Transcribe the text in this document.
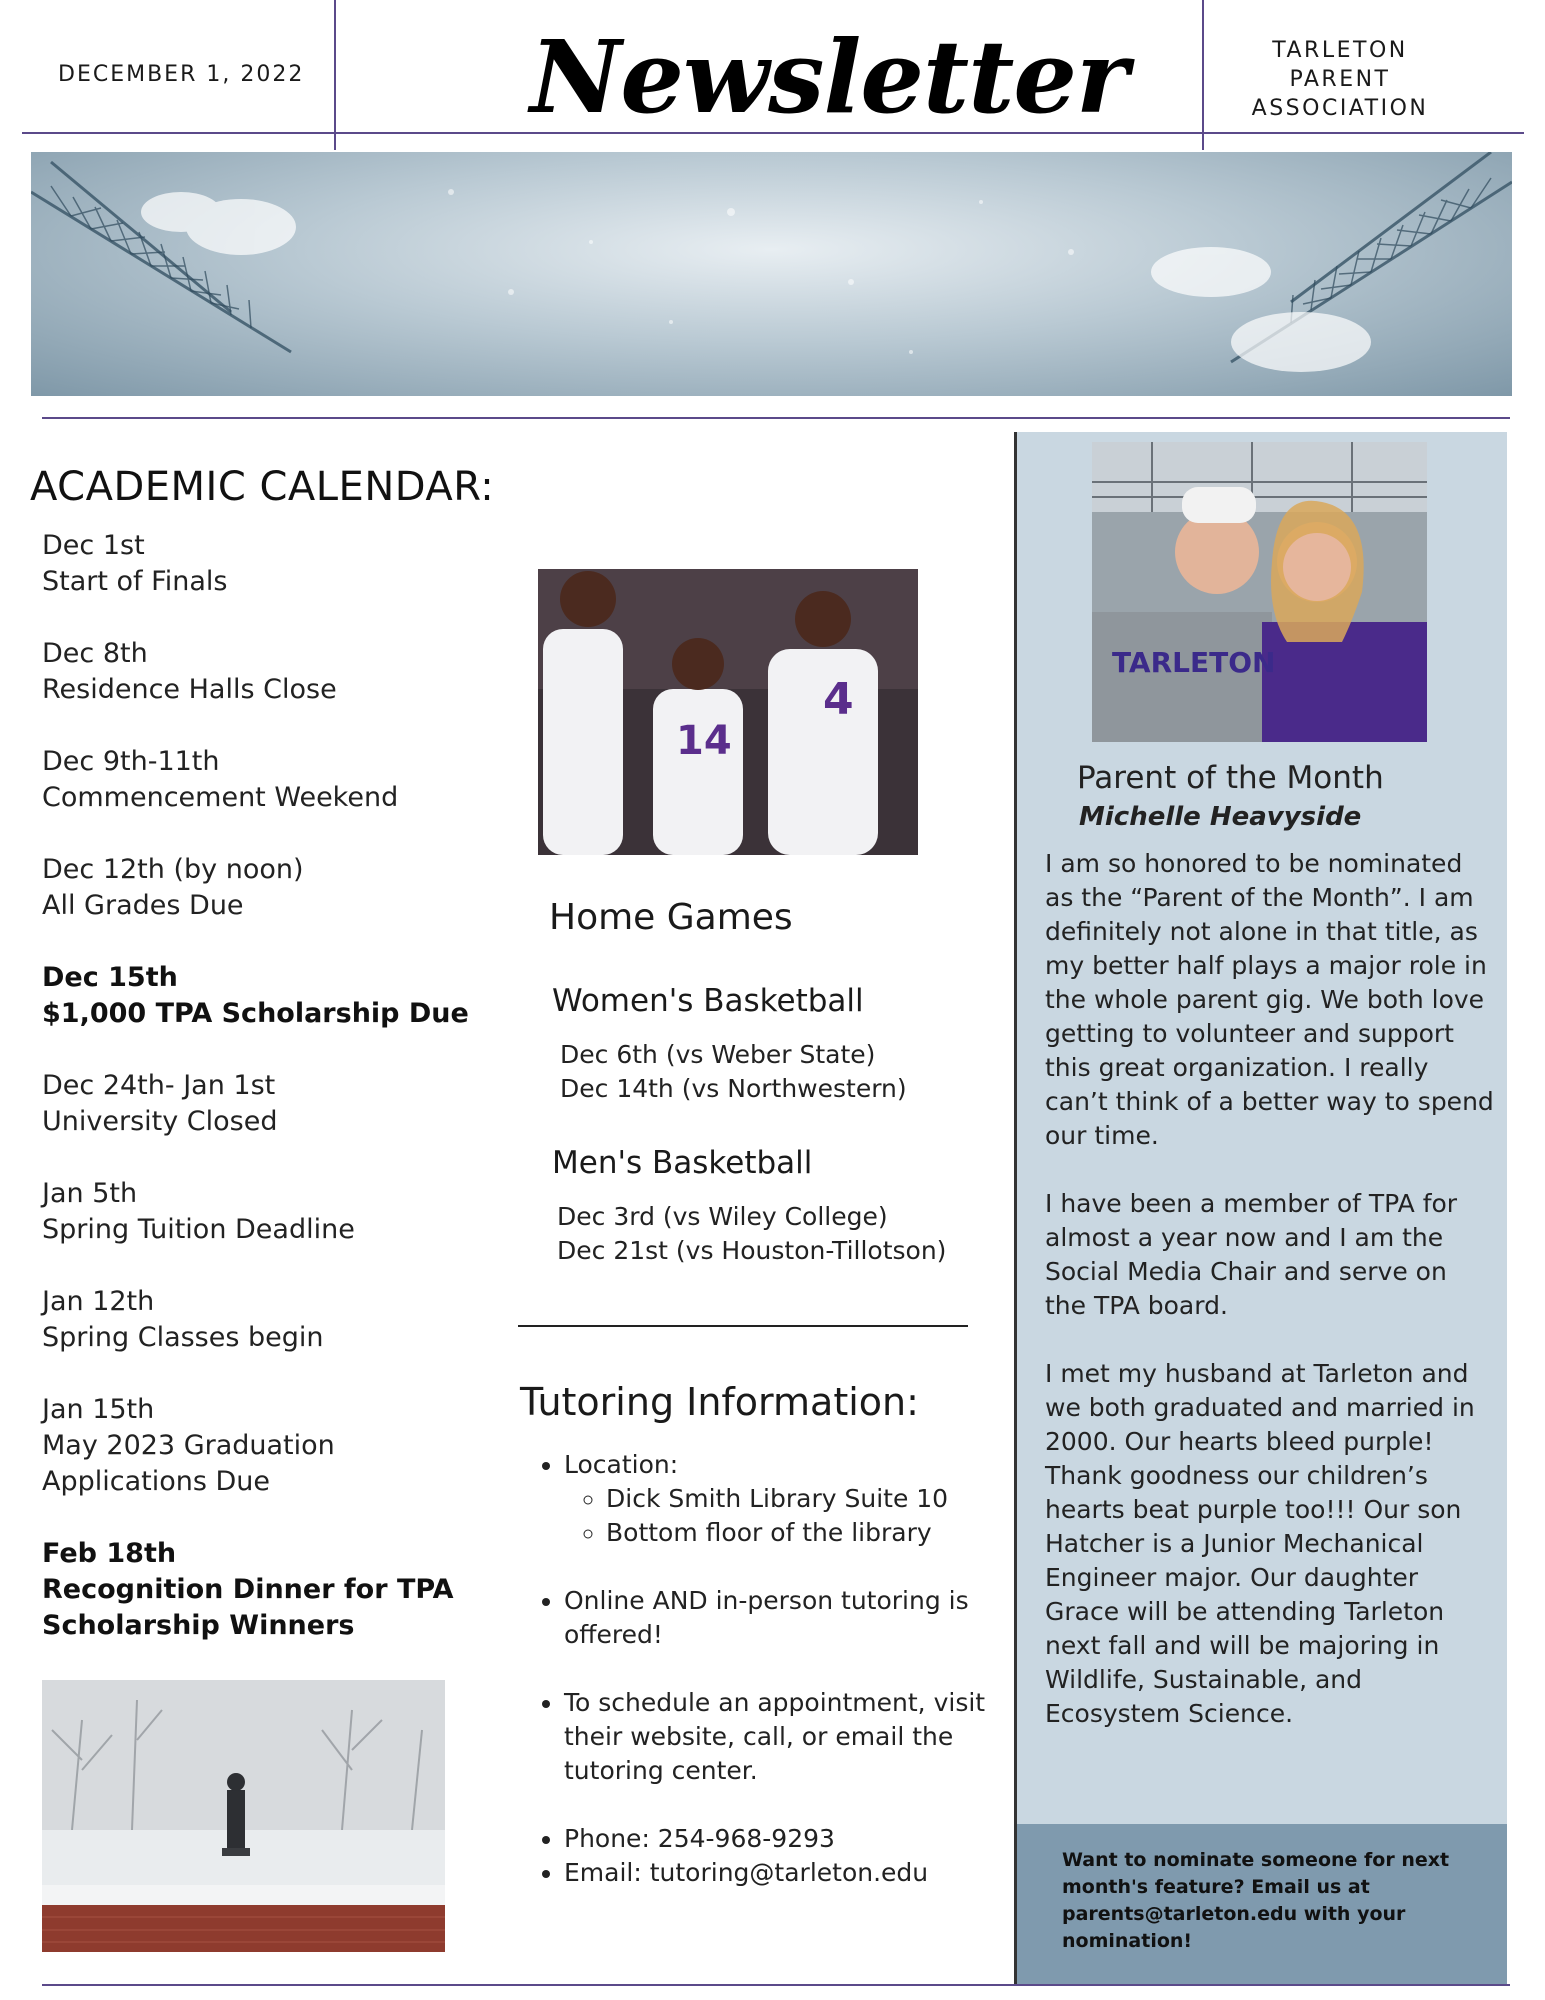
DECEMBER 1, 2022 Newsletter	TARLETON
PARENT
ASSOCIATION
ACADEMIC CALENDAR:
Dec 1st
Start of Finals
Dec 8th
Residence Halls Close
Dec 9th-11th
Commencement Weekend
Dec 12th (by noon)
All Grades Due
Dec 15th
$1,000 TPA Scholarship Due
Dec 24th- Jan 1st
University Closed
Jan 5th
Spring Tuition Deadline
Jan 12th
Spring Classes begin
Jan 15th
May 2023 Graduation
Applications Due
Feb 18th
Recognition Dinner for TPA
Scholarship Winners
14
4
Home Games
Women's Basketball
Dec 6th (vs Weber State)
Dec 14th (vs Northwestern)
Men's Basketball
Dec 3rd (vs Wiley College)
Dec 21st (vs Houston-Tillotson)
Tutoring Information:
• Location:
◦ Dick Smith Library Suite 10
◦ Bottom floor of the library
• Online AND in-person tutoring is offered!
• To schedule an appointment, visit their website, call, or email the tutoring center.
• Phone: 254-968-9293
• Email: tutoring@tarleton.edu
TARLETON
Parent of the Month
Michelle Heavyside

I am so honored to be nominated as the “Parent of the Month”. I am definitely not alone in that title, as my better half plays a major role in the whole parent gig. We both love getting to volunteer and support this great organization. I really can’t think of a better way to spend our time.

I have been a member of TPA for almost a year now and I am the Social Media Chair and serve on the TPA board.

I met my husband at Tarleton and we both graduated and married in 2000. Our hearts bleed purple! Thank goodness our children’s hearts beat purple too!!! Our son Hatcher is a Junior Mechanical Engineer major. Our daughter Grace will be attending Tarleton next fall and will be majoring in Wildlife, Sustainable, and Ecosystem Science.

Want to nominate someone for next month's feature? Email us at parents@tarleton.edu with your nomination!
